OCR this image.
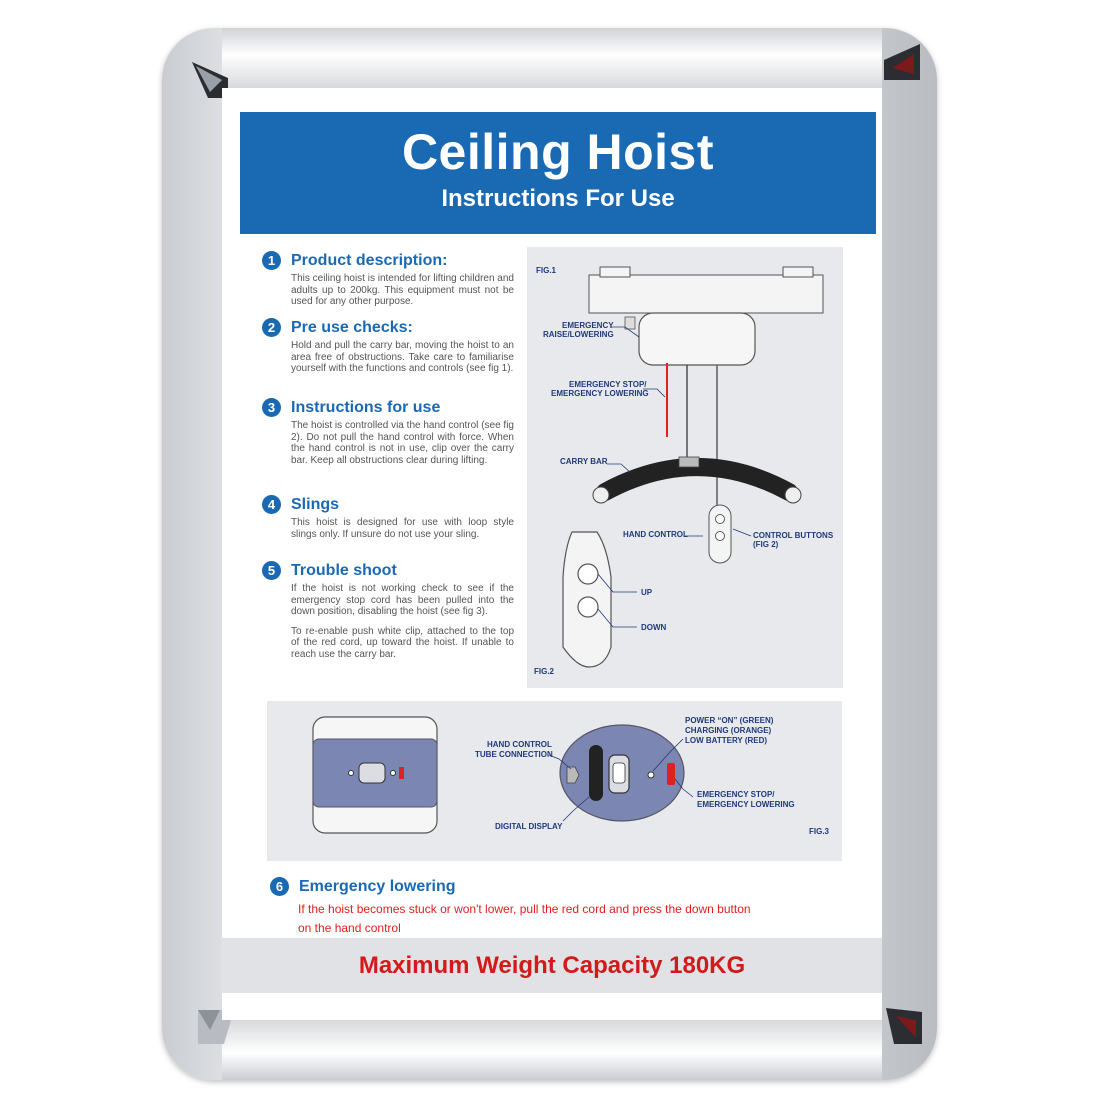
Ceiling Hoist
Instructions For Use
1 Product description:

This ceiling hoist is intended for lifting children and adults up to 200kg. This equipment must not be used for any other purpose.

2 Pre use checks:

Hold and pull the carry bar, moving the hoist to an area free of obstructions. Take care to familiarise yourself with the functions and controls (see fig 1).

3 Instructions for use

The hoist is controlled via the hand control (see fig 2). Do not pull the hand control with force. When the hand control is not in use, clip over the carry bar. Keep all obstructions clear during lifting.

4 Slings

This hoist is designed for use with loop style slings only. If unsure do not use your sling.

5 Trouble shoot

If the hoist is not working check to see if the emergency stop cord has been pulled into the down position, disabling the hoist (see fig 3).

To re-enable push white clip, attached to the top of the red cord, up toward the hoist. If unable to reach use the carry bar.

FIG.1
EMERGENCY
RAISE/LOWERING
EMERGENCY STOP/
EMERGENCY LOWERING
CARRY BAR
HAND CONTROL	CONTROL BUTTONS
(FIG 2)
UP
DOWN
FIG.2
HAND CONTROL
TUBE CONNECTION
DIGITAL DISPLAY
POWER “ON” (GREEN)
CHARGING (ORANGE)
LOW BATTERY (RED)
EMERGENCY STOP/
EMERGENCY LOWERING
FIG.3
6 Emergency lowering
If the hoist becomes stuck or won't lower, pull the red cord and press the down button
on the hand control
Maximum Weight Capacity 180KG
